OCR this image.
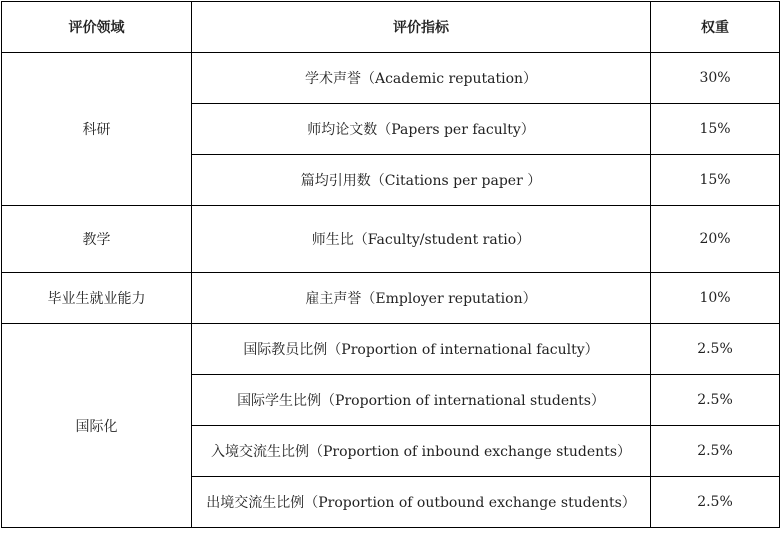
评价领域	评价指标	权重
科研	学术声誉（Academic reputation）	30%
	师均论文数（Papers per faculty）	15%
	篇均引用数（Citations per paper ）	15%
教学	师生比（Faculty/student ratio）	20%
毕业生就业能力	雇主声誉（Employer reputation）	10%
国际化	国际教员比例（Proportion of international faculty）	2.5%
	国际学生比例（Proportion of international students）	2.5%
	入境交流生比例（Proportion of inbound exchange students）	2.5%
	出境交流生比例（Proportion of outbound exchange students）	2.5%
